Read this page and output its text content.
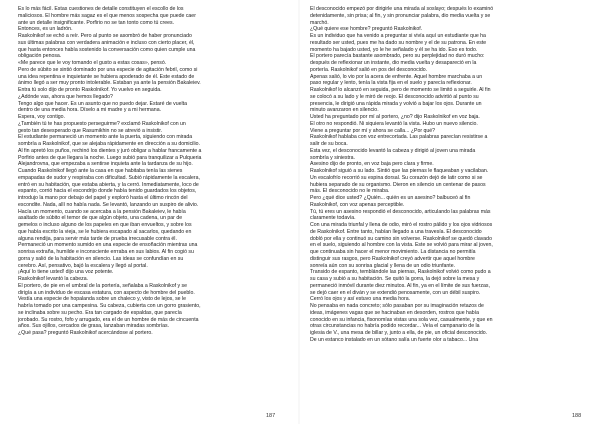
Es lo más fácil. Estas cuestiones de detalle constituyen el escollo de los

maliciosos. El hombre más sagaz es el que menos sospecha que puede caer

ante un detalle insignificante. Porfirio no se tan tonto como tú crees.

Entonces, es un ladrón.

Raskolnikof se echó a reír. Pero al punto se asombró de haber pronunciado

sus últimas palabras con verdadera animación e incluso con cierto placer, él,

que hasta entonces había sostenido la conversación como quien cumple una

obligación penosa.

«Me parece que le voy tomando el gusto a estas cosas», pensó.

Pero de súbito se sintió dominado por una especie de agitación febril, como si

una idea repentina e inquietante se hubiera apoderado de él. Este estado de

ánimo llegó a ser muy pronto intolerable. Estaban ya ante la pensión Bakaleiev.

Entra tú solo dijo de pronto Raskolnikof. Yo vuelvo en seguida.

¿Adónde vas, ahora que hemos llegado?

Tengo algo que hacer. Es un asunto que no puedo dejar. Estaré de vuelta

dentro de una media hora. Díselo a mi madre y a mi hermana.

Espera, voy contigo.

¿También tú te has propuesto perseguirme? exclamó Raskolnikof con un

gesto tan desesperado que Rasumikhin no se atrevió a insistir.

El estudiante permaneció un momento ante la puerta, siguiendo con mirada

sombría a Raskolnikof, que se alejaba rápidamente en dirección a su domicilio.

Al fin apretó los puños, rechinó los dientes y juró obligar a hablar francamente a

Porfirio antes de que llegara la noche. Luego subió para tranquilizar a Pulqueria

Alejandrovna, que empezaba a sentirse inquieta ante la tardanza de su hijo.

Cuando Raskolnikof llegó ante la casa en que habitaba tenía las sienes

empapadas de sudor y respiraba con dificultad. Subió rápidamente la escalera,

entró en su habitación, que estaba abierta, y la cerró. Inmediatamente, loco de

espanto, corrió hacia el escondrijo donde había tenido guardados los objetos,

introdujo la mano por debajo del papel y exploró hasta el último rincón del

escondite. Nada, allí no había nada. Se levantó, lanzando un suspiro de alivio.

Hacía un momento, cuando se acercaba a la pensión Bakaleiev, le había

asaltado de súbito el temor de que algún objeto, una cadena, un par de

gemelos o incluso alguno de los papeles en que iban envueltos, y sobre los

que había escrito la vieja, se le hubiera escapado al sacarlos, quedando en

alguna rendija, para servir más tarde de prueba irrecusable contra él.

Permaneció un momento sumido en una especie de ensoñación mientras una

sonrisa extraña, humilde e inconsciente errraba en sus labios. Al fin cogió su

gorra y salió de la habitación en silencio. Las ideas se confundían en su

cerebro. Así, pensativo, bajó la escalera y llegó al portal.

¡Aquí lo tiene usted! dijo una voz potente.

Raskolnikof levantó la cabeza.

El portero, de pie en el umbral de la portería, señalaba a Raskolnikof y se

dirigía a un individuo de escasa estatura, con aspecto de hombre del pueblo.

Vestía una especie de hopalanda sobre un chaleco y, visto de lejos, se le

habría tomado por una campesina. Su cabeza, cubierta con un gorro grasiento,

se inclinaba sobre su pecho. Era tan cargado de espaldas, que parecía

jorobado. Su rostro, fofo y arrugado, era el de un hombre de más de cincuenta

años. Sus ojillos, cercados de grasa, lanzaban miradas sombrías.

¿Qué pasa? preguntó Raskolnikof acercándose al portero.

187

El desconocido empezó por dirigirle una mirada al soslayo; después lo examinó

detenidamente, sin prisa; al fin, y sin pronunciar palabra, dio media vuelta y se

marchó.

¿Qué quiere ese hombre? preguntó Raskolnikof.

Es un individuo que ha venido a preguntar si vivía aquí un estudiante que ha

resultado ser usted, pues me ha dado su nombre y el de su patrona. En este

momento ha bajado usted, yo le he señalado y él se ha ido. Eso es todo.

El portero parecía bastante asombrado, pero su perplejidad no duró mucho:

después de reflexionar un instante, dio media vuelta y desapareció en la

portería. Raskolnikof salió en pos del desconocido.

Apenas salió, lo vio por la acera de enfrente. Aquel hombre marchaba a un

paso regular y lento, tenía la vista fija en el suelo y parecía reflexionar.

Raskolnikof lo alcanzó en seguida, pero de momento se limitó a seguirle. Al fin

se colocó a su lado y le miró de reojo. El desconocido advirtió al punto su

presencia, le dirigió una rápida mirada y volvió a bajar los ojos. Durante un

minuto avanzaron en silencio.

Usted ha preguntado por mí al portero, ¿no? dijo Raskolnikof en voz baja.

El otro no respondió. Ni siquiera levantó la vista. Hubo un nuevo silencio.

Viene a preguntar por mí y ahora se calla... ¿Por qué?

Raskolnikof hablaba con voz entrecortada. Las palabras parecían resistirse a

salir de su boca.

Esta vez, el desconocido levantó la cabeza y dirigió al joven una mirada

sombría y siniestra.

Asesino dijo de pronto, en voz baja pero clara y firme.

Raskolnikof siguió a su lado. Sintió que las piernas le flaqueaban y vacilaban.

Un escalofrío recorrió su espina dorsal. Su corazón dejó de latir como si se

hubiera separado de su organismo. Dieron en silencio un centenar de pasos

más. El desconocido no le miraba.

Pero ¿qué dice usted? ¿Quién... quién es un asesino? balbuceó al fin

Raskolnikof, con voz apenas perceptible.

Tú, tú eres un asesino respondió el desconocido, articulando las palabras más

claramente todavía.

Con una mirada triunfal y llena de odio, miró el rostro pálido y los ojos vidriosos

de Raskolnikof. Entre tanto, habían llegado a una travesía. El desconocido

dobló por ella y continuó su camino sin volverse. Raskolnikof se quedó clavado

en el suelo, siguiendo al hombre con la vista. Este se volvió para mirar al joven,

que continuaba sin hacer el menor movimiento. La distancia no permitía

distinguir sus rasgos, pero Raskolnikof creyó advertir que aquel hombre

sonreía aún con su sonrisa glacial y llena de un odio triunfante.

Transido de espanto, temblándole las piernas, Raskolnikof volvió como pudo a

su casa y subió a su habitación. Se quitó la gorra, la dejó sobre la mesa y

permaneció inmóvil durante diez minutos. Al fin, ya en el límite de sus fuerzas,

se dejó caer en el diván y se extendió penosamente, con un débil suspiro.

Cerró los ojos y así estuvo una media hora.

No pensaba en nada concreto; sólo pasaban por su imaginación retazos de

ideas, imágenes vagas que se hacinaban en desorden, rostros que había

conocido en su infancia, fisonomías vistas una sola vez, casualmente, y que en

otras circunstancias no habría podido recordar... Veía el campanario de la

iglesia de V., una mesa de billar y, junto a ella, de pie, un oficial desconocido.

De un estanco instalado en un sótano salía un fuerte olor a tabaco... Una

188
